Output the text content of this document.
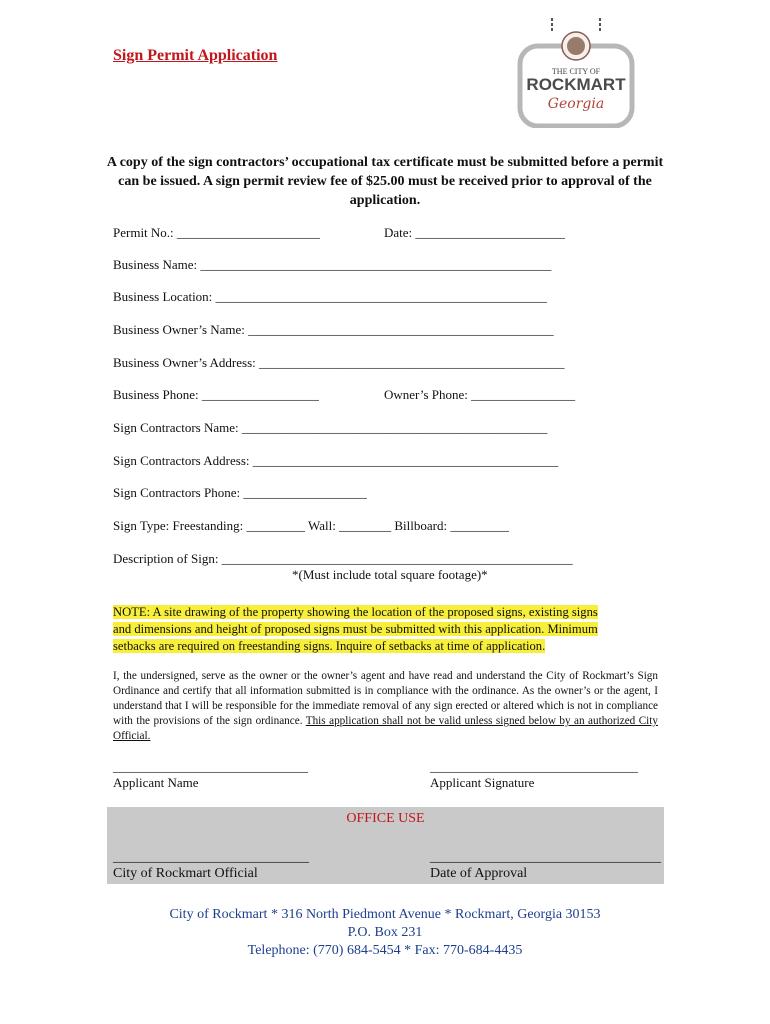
Sign Permit Application
THE CITY OF
ROCKMART
Georgia
A copy of the sign contractors’ occupational tax certificate must be submitted before a permit can be issued. A sign permit review fee of $25.00 must be received prior to approval of the application.
Permit No.: ______________________	Date: _______________________
Business Name: ______________________________________________________
Business Location: ___________________________________________________
Business Owner’s Name: _______________________________________________
Business Owner’s Address: _______________________________________________
Business Phone: __________________	Owner’s Phone: ________________
Sign Contractors Name: _______________________________________________
Sign Contractors Address: _______________________________________________
Sign Contractors Phone: ___________________
Sign Type: Freestanding: _________ Wall: ________ Billboard: _________
Description of Sign: ______________________________________________________
*(Must include total square footage)*
NOTE: A site drawing of the property showing the location of the proposed signs, existing signs
and dimensions and height of proposed signs must be submitted with this application. Minimum
setbacks are required on freestanding signs. Inquire of setbacks at time of application.
I, the undersigned, serve as the owner or the owner’s agent and have read and understand the City of Rockmart’s Sign Ordinance and certify that all information submitted is in compliance with the ordinance. As the owner’s or the agent, I understand that I will be responsible for the immediate removal of any sign erected or altered which is not in compliance with the provisions of the sign ordinance. This application shall not be valid unless signed below by an authorized City Official.
______________________________	________________________________
Applicant Name	Applicant Signature
OFFICE USE
____________________________	_________________________________
City of Rockmart Official	Date of Approval
City of Rockmart * 316 North Piedmont Avenue * Rockmart, Georgia 30153
P.O. Box 231
Telephone: (770) 684-5454 * Fax: 770-684-4435
